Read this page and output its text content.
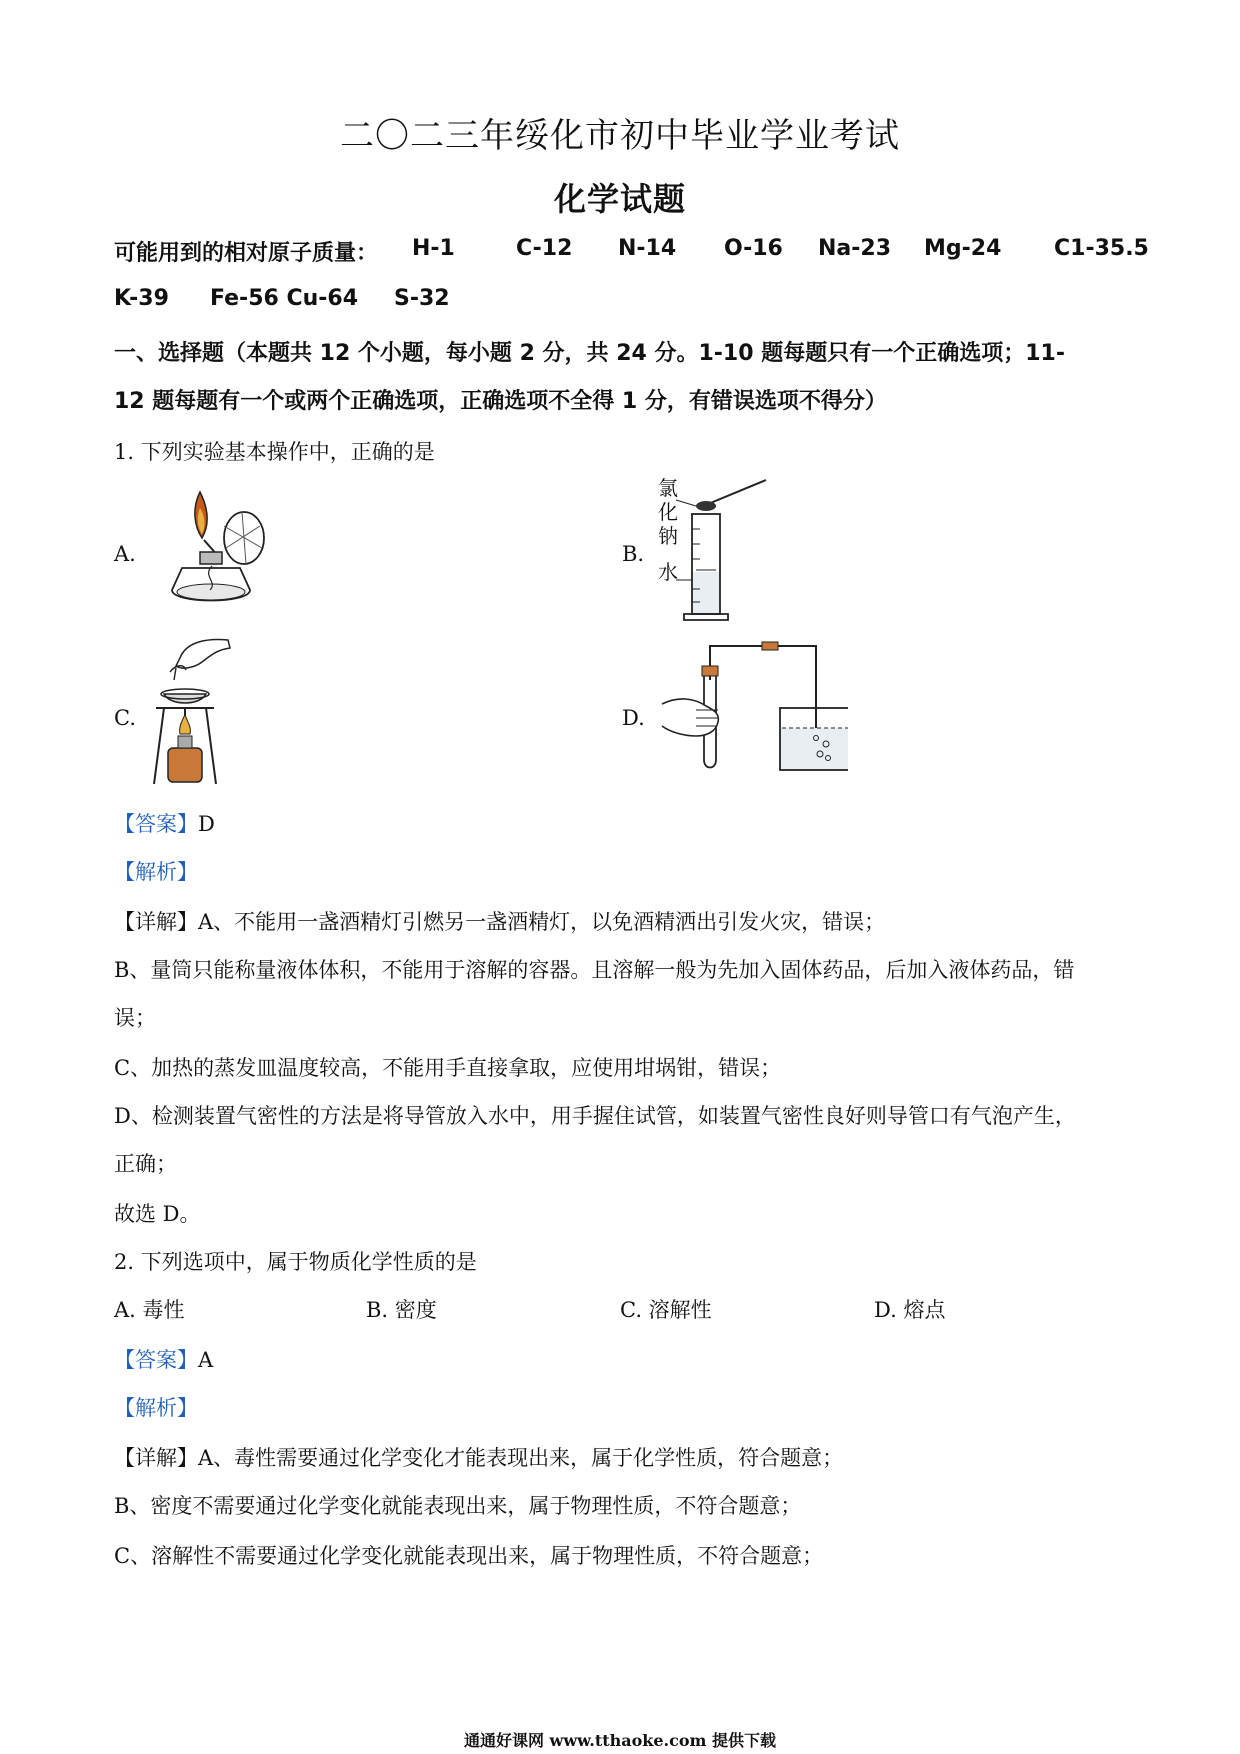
二〇二三年绥化市初中毕业学业考试
化学试题
可能用到的相对原子质量： H-1	C-12 N-14 O-16 Na-23 Mg-24 C1-35.5
K-39 Fe-56 Cu-64 S-32
一、选择题（本题共 12 个小题，每小题 2 分，共 24 分。1-10 题每题只有一个正确选项；11-
12 题每题有一个或两个正确选项，正确选项不全得 1 分，有错误选项不得分）
1. 下列实验基本操作中，正确的是
A.	B.
C.	D.
氯
化
钠
水
【答案】D
【解析】
【详解】A、不能用一盏酒精灯引燃另一盏酒精灯，以免酒精洒出引发火灾，错误；
B、量筒只能称量液体体积，不能用于溶解的容器。且溶解一般为先加入固体药品，后加入液体药品，错
误；
C、加热的蒸发皿温度较高，不能用手直接拿取，应使用坩埚钳，错误；
D、检测装置气密性的方法是将导管放入水中，用手握住试管，如装置气密性良好则导管口有气泡产生，
正确；
故选 D。
2. 下列选项中，属于物质化学性质的是
A. 毒性	B. 密度	C. 溶解性	D. 熔点
【答案】A
【解析】
【详解】A、毒性需要通过化学变化才能表现出来，属于化学性质，符合题意；
B、密度不需要通过化学变化就能表现出来，属于物理性质，不符合题意；
C、溶解性不需要通过化学变化就能表现出来，属于物理性质，不符合题意；
通通好课网 www.tthaoke.com 提供下载
